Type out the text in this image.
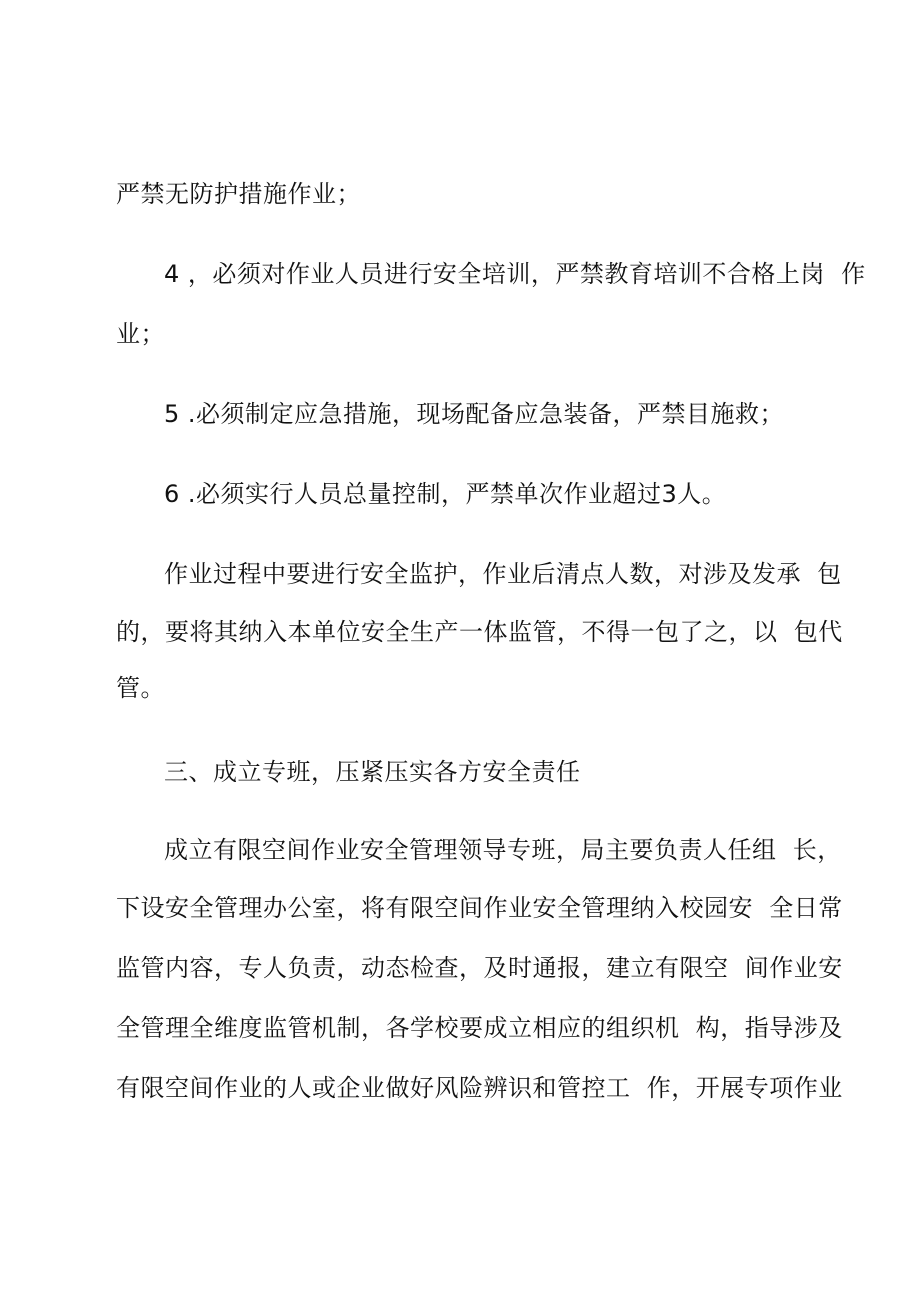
严禁无防护措施作业；
4 ，必须对作业人员进行安全培训，严禁教育培训不合格上岗  作
业；
5 .必须制定应急措施，现场配备应急装备，严禁目施救；
6 .必须实行人员总量控制，严禁单次作业超过3人。
作业过程中要进行安全监护，作业后清点人数，对涉及发承  包
的，要将其纳入本单位安全生产一体监管，不得一包了之，以  包代
管。
三、成立专班，压紧压实各方安全责任
成立有限空间作业安全管理领导专班，局主要负责人任组  长，
下设安全管理办公室，将有限空间作业安全管理纳入校园安  全日常
监管内容，专人负责，动态检查，及时通报，建立有限空  间作业安
全管理全维度监管机制，各学校要成立相应的组织机  构，指导涉及
有限空间作业的人或企业做好风险辨识和管控工  作，开展专项作业
